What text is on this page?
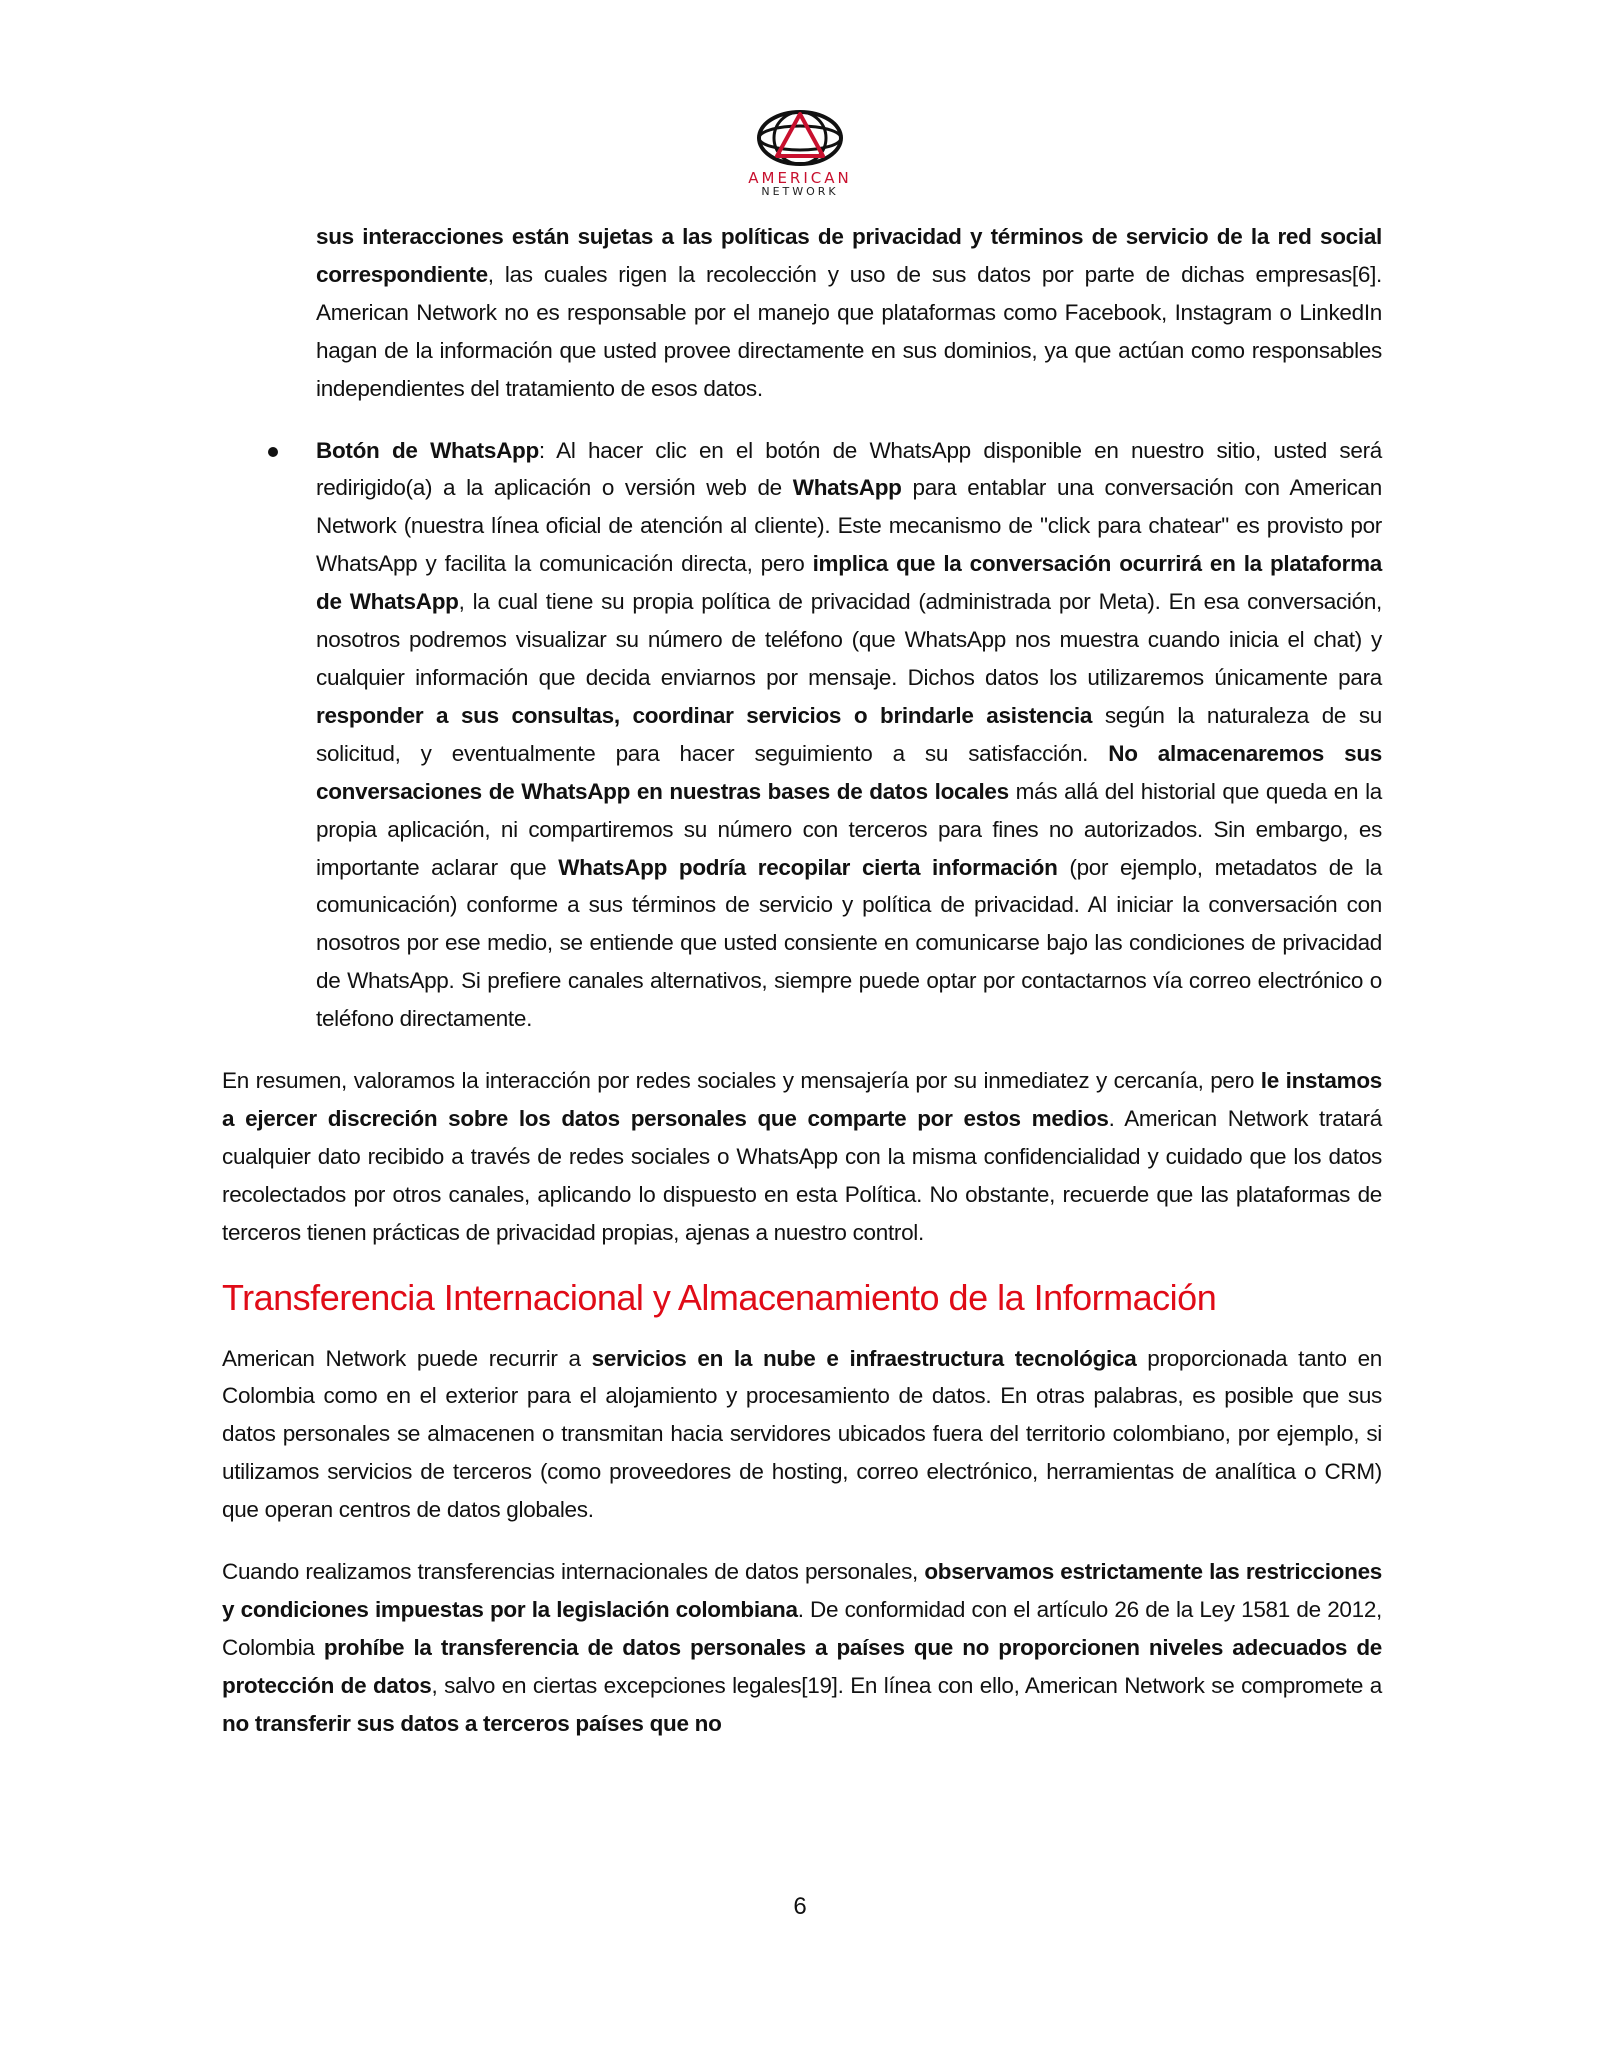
AMERICAN
NETWORK

sus interacciones están sujetas a las políticas de privacidad y términos de servicio de la red social correspondiente, las cuales rigen la recolección y uso de sus datos por parte de dichas empresas[6]. American Network no es responsable por el manejo que plataformas como Facebook, Instagram o LinkedIn hagan de la información que usted provee directamente en sus dominios, ya que actúan como responsables independientes del tratamiento de esos datos.

Botón de WhatsApp: Al hacer clic en el botón de WhatsApp disponible en nuestro sitio, usted será redirigido(a) a la aplicación o versión web de WhatsApp para entablar una conversación con American Network (nuestra línea oficial de atención al cliente). Este mecanismo de "click para chatear" es provisto por WhatsApp y facilita la comunicación directa, pero implica que la conversación ocurrirá en la plataforma de WhatsApp, la cual tiene su propia política de privacidad (administrada por Meta). En esa conversación, nosotros podremos visualizar su número de teléfono (que WhatsApp nos muestra cuando inicia el chat) y cualquier información que decida enviarnos por mensaje. Dichos datos los utilizaremos únicamente para responder a sus consultas, coordinar servicios o brindarle asistencia según la naturaleza de su solicitud, y eventualmente para hacer seguimiento a su satisfacción. No almacenaremos sus conversaciones de WhatsApp en nuestras bases de datos locales más allá del historial que queda en la propia aplicación, ni compartiremos su número con terceros para fines no autorizados. Sin embargo, es importante aclarar que WhatsApp podría recopilar cierta información (por ejemplo, metadatos de la comunicación) conforme a sus términos de servicio y política de privacidad. Al iniciar la conversación con nosotros por ese medio, se entiende que usted consiente en comunicarse bajo las condiciones de privacidad de WhatsApp. Si prefiere canales alternativos, siempre puede optar por contactarnos vía correo electrónico o teléfono directamente.

En resumen, valoramos la interacción por redes sociales y mensajería por su inmediatez y cercanía, pero le instamos a ejercer discreción sobre los datos personales que comparte por estos medios. American Network tratará cualquier dato recibido a través de redes sociales o WhatsApp con la misma confidencialidad y cuidado que los datos recolectados por otros canales, aplicando lo dispuesto en esta Política. No obstante, recuerde que las plataformas de terceros tienen prácticas de privacidad propias, ajenas a nuestro control.

Transferencia Internacional y Almacenamiento de la Información

American Network puede recurrir a servicios en la nube e infraestructura tecnológica proporcionada tanto en Colombia como en el exterior para el alojamiento y procesamiento de datos. En otras palabras, es posible que sus datos personales se almacenen o transmitan hacia servidores ubicados fuera del territorio colombiano, por ejemplo, si utilizamos servicios de terceros (como proveedores de hosting, correo electrónico, herramientas de analítica o CRM) que operan centros de datos globales.

Cuando realizamos transferencias internacionales de datos personales, observamos estrictamente las restricciones y condiciones impuestas por la legislación colombiana. De conformidad con el artículo 26 de la Ley 1581 de 2012, Colombia prohíbe la transferencia de datos personales a países que no proporcionen niveles adecuados de protección de datos, salvo en ciertas excepciones legales[19]. En línea con ello, American Network se compromete a no transferir sus datos a terceros países que no

6
